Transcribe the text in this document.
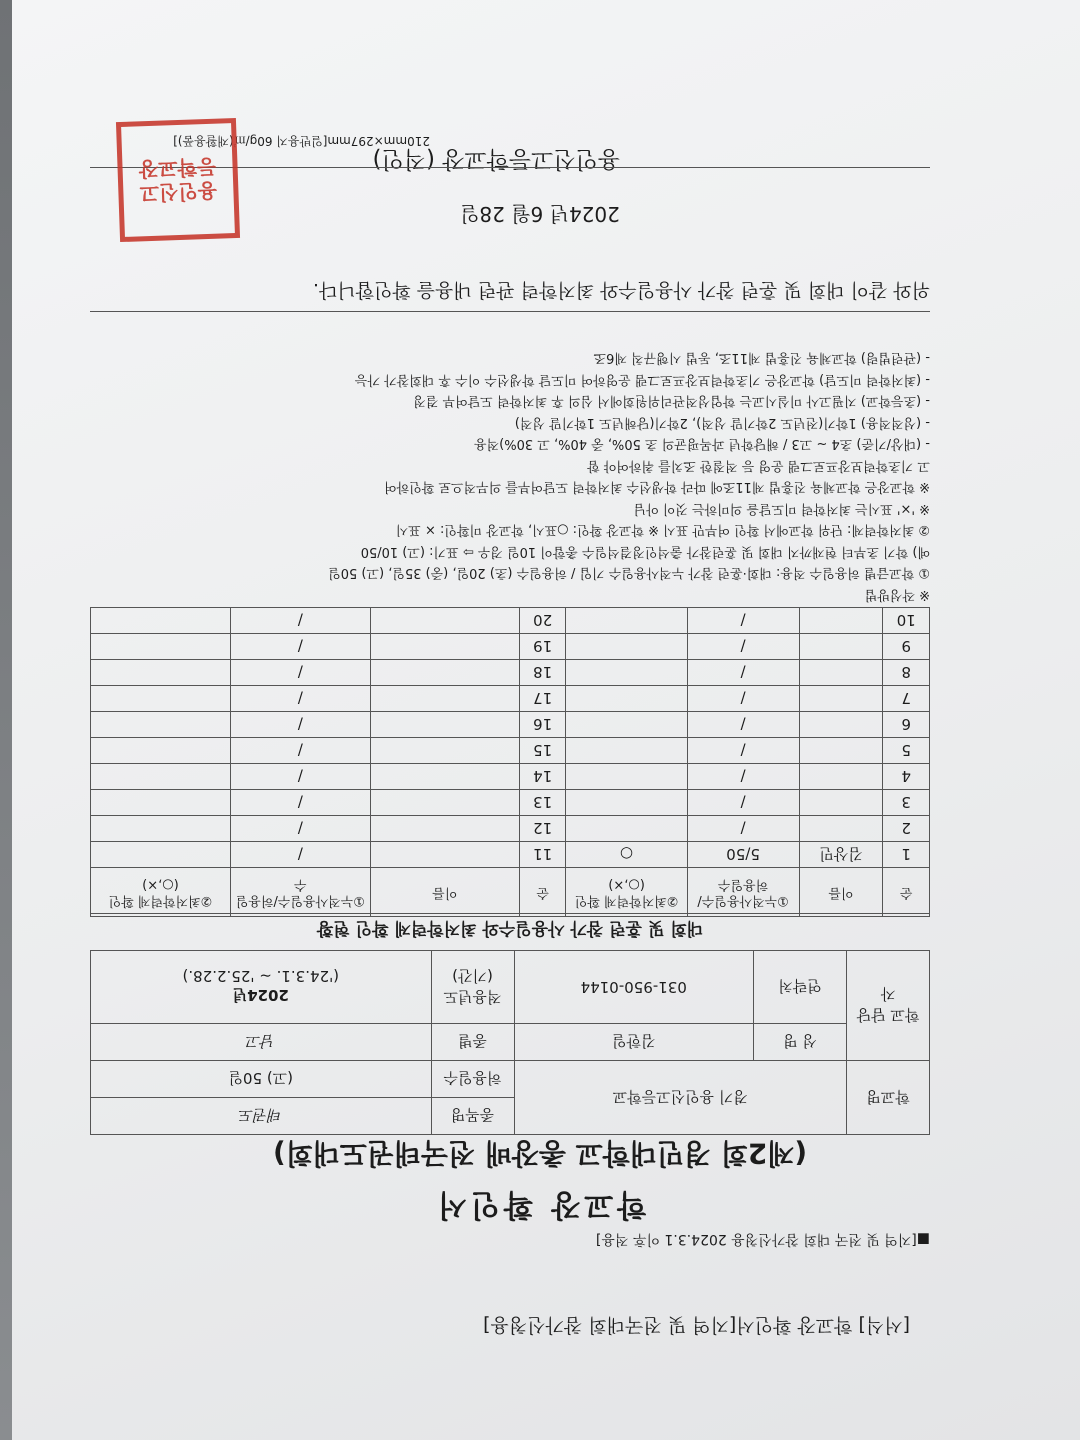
[서식] 학교장 확인서[지역 및 전국대회 참가신청용]
■[지역 및 전국 대회 참가신청용 2024.3.1 이후 적용]
학교장 확인서
(제2회 경민대학교 총장배 전국태권도대회)
학교명	경기 용인신고등학교		종목명	태권도
			허용일수	(고) 50일
학교 담당자	성 명	김한일	종별	남고
	연락처	031-950-0144	적용년도 (기간)	2024년
('24.3.1. ~ '25.2.28.)
대회 및 훈련 참가 사용일수와 최저학력제 확인 현황
순	이름	①누적사용일수/허용일수	②최저학력제 확인(○,×)	순	이름	①누적사용일수/허용일수	②최저학력제 확인(○,×)
1	김상민	5/50	○	11		/	
2		/		12		/	
3		/		13		/	
4		/		14		/	
5		/		15		/	
6		/		16		/	
7		/		17		/	
8		/		18		/	
9		/		19		/	
10		/		20		/	
※ 작성방법
① 학교급별 허용일수 적용: 대회·훈련 참가 누적사용일수 기입 / 허용일수 (초) 20일, (중) 35일, (고) 50일
예) 학기 초부터 현재까지 대회 및 훈련참가 출석인정결석일수 총합이 10일 경우 ⇨ 표기: (고) 10/50
② 최저학력제: 단위 학교에서 확인 여부만 표시 ※ 학교장 확인: ○표시, 학교장 미확인: × 표시
※ '×' 표시는 최저학력 미도달을 의미하는 것이 아님
※ 학교장은 학교체육 진흥법 제11조에 따라 학생선수 최저학력 도달여부를 의무적으로 확인하여
고 기초학력보장프로그램 운영 등 적절한 조치를 취하여야 함
- (대상/기준) 초4 ~ 고3 / 해당학년 과목평균의 초 50%, 중 40%, 고 30%)적용
- (성적적용) 1학기(전년도 2학기말 성적), 2학기(당해년도 1학기말 성적)
- (초등학교) 지필고사 미실시교는 학업성적관리위원회에서 심의 후 최저학력 도달여부 결정
- (최저학력 미도달) 학교장은 기초학력보장프로그램 운영하여 미도달 학생선수 이수 후 대회참가 가능
- (관련법령) 학교체육 진흥법 제11조, 동법 시행규칙 제6조
위와 같이 대회 및 훈련 참가 사용일수와 최저학력 관련 내용을 확인합니다.
2024년 6월 28일
용인신고등학교장 (직인)
210mm×297mm[일반용지 60g/㎡(재활용품)]
용인신고
등학교장
